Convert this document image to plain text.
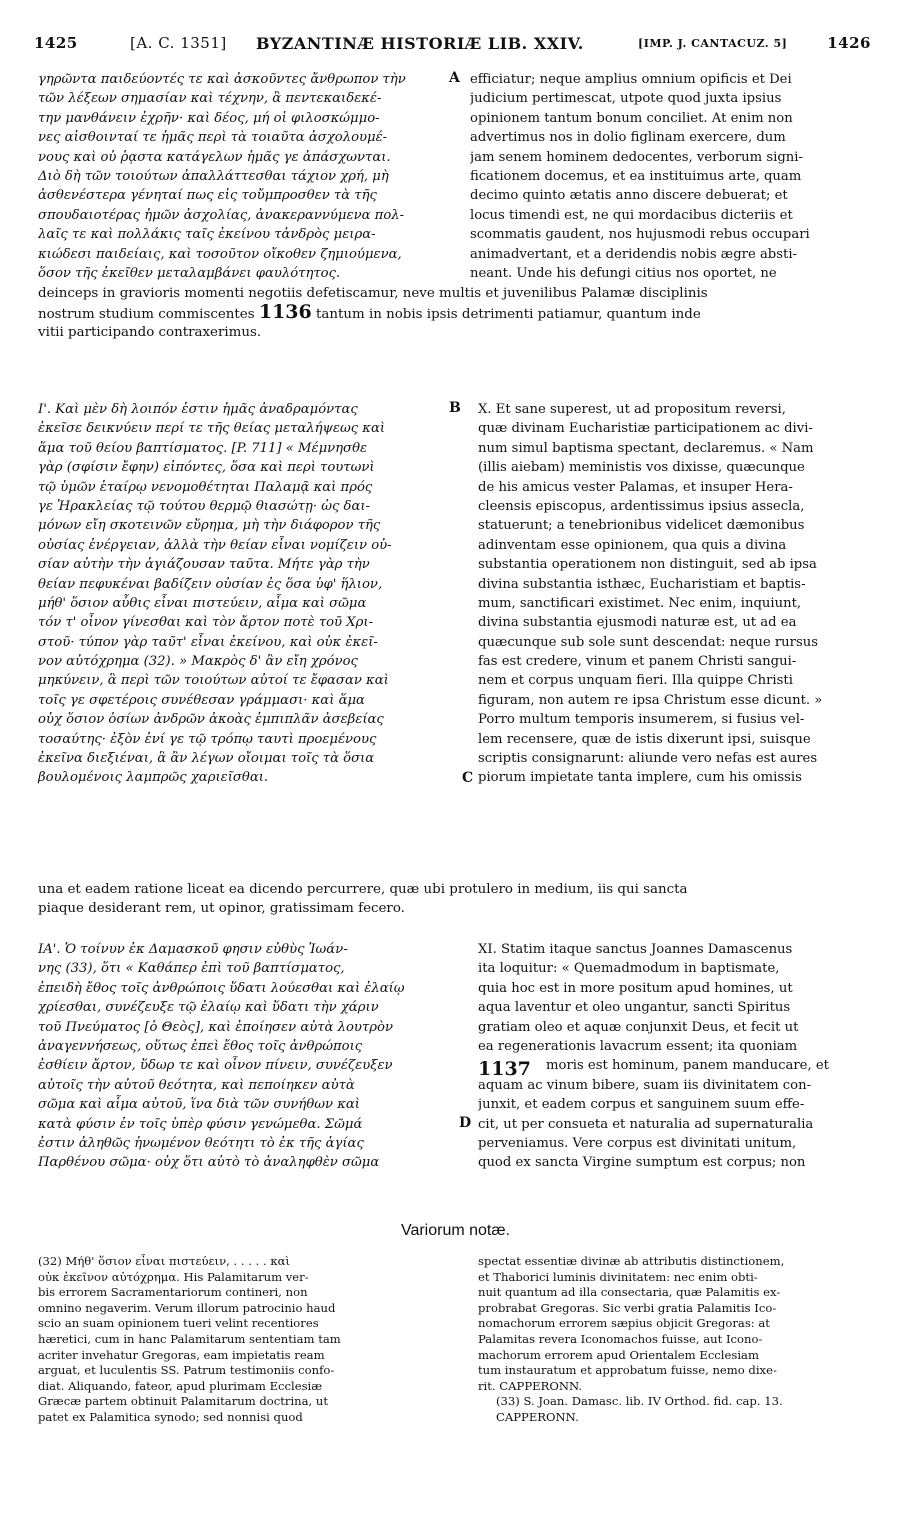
1425	[A. C. 1351] BYZANTINÆ HISTORIÆ LIB. XXIV.	[IMP. J. CANTACUZ. 5]	1426
γηρῶντα παιδεύοντές τε καὶ ἀσκοῦντες ἄνθρωπον τὴν
τῶν λέξεων σημασίαν καὶ τέχνην, ἃ πεντεκαιδεκέ-
την μανθάνειν ἐχρῆν· καὶ δέος, μή οἱ φιλοσκώμμο-
νες αἰσθοινταί τε ἡμᾶς περὶ τὰ τοιαῦτα ἀσχολουμέ-
νους καὶ οὐ ῥᾳστα κατάγελων ἡμᾶς γε ἀπάσχωνται.
Διὸ δὴ τῶν τοιούτων ἀπαλλάττεσθαι τάχιον χρή, μὴ
ἀσθενέστερα γένηταί πως εἰς τοὔμπροσθεν τὰ τῆς
σπουδαιοτέρας ἡμῶν ἀσχολίας, ἀνακεραννύμενα πολ-
λαῖς τε καὶ πολλάκις ταῖς ἐκείνου τἀνδρὸς μειρα-
κιώδεσι παιδείαις, καὶ τοσοῦτον οἴκοθεν ζημιούμενα,
ὅσον τῆς ἐκεῖθεν μεταλαμβάνει φαυλότητος.
A efficiatur; neque amplius omnium opificis et Dei
judicium pertimescat, utpote quod juxta ipsius
opinionem tantum bonum conciliet. At enim non
advertimus nos in dolio figlinam exercere, dum
jam senem hominem dedocentes, verborum signi-
ficationem docemus, et ea instituimus arte, quam
decimo quinto ætatis anno discere debuerat; et
locus timendi est, ne qui mordacibus dicteriis et
scommatis gaudent, nos hujusmodi rebus occupari
animadvertant, et a deridendis nobis ægre absti-
neant. Unde his defungi citius nos oportet, ne
deinceps in gravioris momenti negotiis defetiscamur, neve multis et juvenilibus Palamæ disciplinis
nostrum studium commiscentes 1136 tantum in nobis ipsis detrimenti patiamur, quantum inde
vitii participando contraxerimus.
Ι'. Καὶ μὲν δὴ λοιπόν ἐστιν ἡμᾶς ἀναδραμόντας
ἐκεῖσε δεικνύειν περί τε τῆς θείας μεταλήψεως καὶ
ἅμα τοῦ θείου βαπτίσματος. [P. 711] « Μέμνησθε
γὰρ (σφίσιν ἔφην) εἰπόντες, ὅσα καὶ περὶ τουτωνὶ
τῷ ὑμῶν ἑταίρῳ νενομοθέτηται Παλαμᾷ καὶ πρός
γε Ἡρακλείας τῷ τούτου θερμῷ θιασώτῃ· ὡς δαι-
μόνων εἴη σκοτεινῶν εὕρημα, μὴ τὴν διάφορον τῆς
οὐσίας ἐνέργειαν, ἀλλὰ τὴν θείαν εἶναι νομίζειν οὐ-
σίαν αὐτὴν τὴν ἁγιάζουσαν ταῦτα. Μήτε γὰρ τὴν
θείαν πεφυκέναι βαδίζειν οὐσίαν ἐς ὅσα ὑφ' ἥλιον,
μήθ' ὅσιον αὖθις εἶναι πιστεύειν, αἷμα καὶ σῶμα
τόν τ' οἶνον γίνεσθαι καὶ τὸν ἄρτον ποτὲ τοῦ Χρι-
στοῦ· τύπον γὰρ ταῦτ' εἶναι ἐκείνου, καὶ οὐκ ἐκεῖ-
νον αὐτόχρημα (32). » Μακρὸς δ' ἂν εἴη χρόνος
μηκύνειν, ἃ περὶ τῶν τοιούτων αὐτοί τε ἔφασαν καὶ
τοῖς γε σφετέροις συνέθεσαν γράμμασι· καὶ ἅμα
οὐχ ὅσιον ὁσίων ἀνδρῶν ἀκοὰς ἐμπιπλᾶν ἀσεβείας
τοσαύτης· ἐξὸν ἐνί γε τῷ τρόπῳ ταυτὶ προεμένους
ἐκεῖνα διεξιέναι, ἃ ἂν λέγων οἴοιμαι τοῖς τὰ ὅσια
βουλομένοις λαμπρῶς χαριεῖσθαι.
B
C
X. Et sane superest, ut ad propositum reversi,
quæ divinam Eucharistiæ participationem ac divi-
num simul baptisma spectant, declaremus. « Nam
(illis aiebam) meministis vos dixisse, quæcunque
de his amicus vester Palamas, et insuper Hera-
cleensis episcopus, ardentissimus ipsius assecla,
statuerunt; a tenebrionibus videlicet dæmonibus
adinventam esse opinionem, qua quis a divina
substantia operationem non distinguit, sed ab ipsa
divina substantia isthæc, Eucharistiam et baptis-
mum, sanctificari existimet. Nec enim, inquiunt,
divina substantia ejusmodi naturæ est, ut ad ea
quæcunque sub sole sunt descendat: neque rursus
fas est credere, vinum et panem Christi sangui-
nem et corpus unquam fieri. Illa quippe Christi
figuram, non autem re ipsa Christum esse dicunt. »
Porro multum temporis insumerem, si fusius vel-
lem recensere, quæ de istis dixerunt ipsi, suisque
scriptis consignarunt: aliunde vero nefas est aures
piorum impietate tanta implere, cum his omissis
una et eadem ratione liceat ea dicendo percurrere, quæ ubi protulero in medium, iis qui sancta
piaque desiderant rem, ut opinor, gratissimam fecero.
ΙΑ'. Ὁ τοίνυν ἐκ Δαμασκοῦ φησιν εὐθὺς Ἰωάν-
νης (33), ὅτι « Καθάπερ ἐπὶ τοῦ βαπτίσματος,
ἐπειδὴ ἔθος τοῖς ἀνθρώποις ὕδατι λούεσθαι καὶ ἐλαίῳ
χρίεσθαι, συνέζευξε τῷ ἐλαίῳ καὶ ὕδατι τὴν χάριν
τοῦ Πνεύματος [ὁ Θεὸς], καὶ ἐποίησεν αὐτὰ λουτρὸν
ἀναγεννήσεως, οὕτως ἐπεὶ ἔθος τοῖς ἀνθρώποις
ἐσθίειν ἄρτον, ὕδωρ τε καὶ οἶνον πίνειν, συνέζευξεν
αὐτοῖς τὴν αὐτοῦ θεότητα, καὶ πεποίηκεν αὐτὰ
σῶμα καὶ αἷμα αὐτοῦ, ἵνα διὰ τῶν συνήθων καὶ
κατὰ φύσιν ἐν τοῖς ὑπὲρ φύσιν γενώμεθα. Σῶμά
ἐστιν ἀληθῶς ἡνωμένον θεότητι τὸ ἐκ τῆς ἁγίας
Παρθένου σῶμα· οὐχ ὅτι αὐτὸ τὸ ἀναληφθὲν σῶμα
D
XI. Statim itaque sanctus Joannes Damascenus
ita loquitur: « Quemadmodum in baptismate,
quia hoc est in more positum apud homines, ut
aqua laventur et oleo ungantur, sancti Spiritus
gratiam oleo et aquæ conjunxit Deus, et fecit ut
ea regenerationis lavacrum essent; ita quoniam
moris est hominum, panem manducare, et
aquam ac vinum bibere, suam iis divinitatem con-
junxit, et eadem corpus et sanguinem suum effe-
cit, ut per consueta et naturalia ad supernaturalia
perveniamus. Vere corpus est divinitati unitum,
quod ex sancta Virgine sumptum est corpus; non
1137
Variorum notæ.
(32) Μήθ' ὅσιον εἶναι πιστεύειν, . . . . . καὶ
οὐκ ἐκεῖνον αὐτόχρημα. His Palamitarum ver-
bis errorem Sacramentariorum contineri, non
omnino negaverim. Verum illorum patrocinio haud
scio an suam opinionem tueri velint recentiores
hæretici, cum in hanc Palamitarum sententiam tam
acriter invehatur Gregoras, eam impietatis ream
arguat, et luculentis SS. Patrum testimoniis confo-
diat. Aliquando, fateor, apud plurimam Ecclesiæ
Græcæ partem obtinuit Palamitarum doctrina, ut
patet ex Palamitica synodo; sed nonnisi quod
spectat essentiæ divinæ ab attributis distinctionem,
et Thaborici luminis divinitatem: nec enim obti-
nuit quantum ad illa consectaria, quæ Palamitis ex-
probrabat Gregoras. Sic verbi gratia Palamitis Ico-
nomachorum errorem sæpius objicit Gregoras: at
Palamitas revera Iconomachos fuisse, aut Icono-
machorum errorem apud Orientalem Ecclesiam
tum instauratum et approbatum fuisse, nemo dixe-
rit. CAPPERONN.
(33) S. Joan. Damasc. lib. IV Orthod. fid. cap. 13.
CAPPERONN.
